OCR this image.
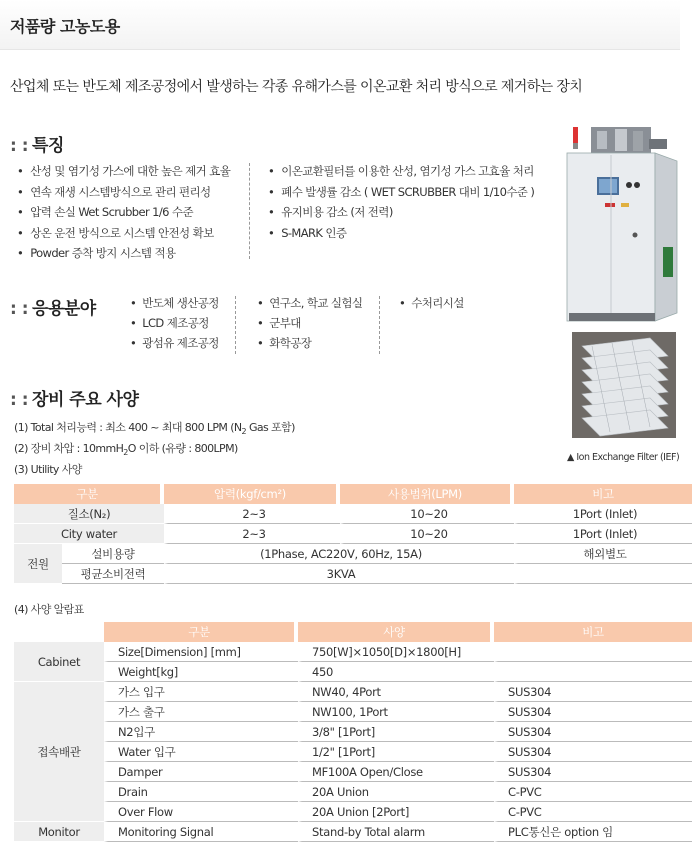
저품량 고농도용
산업체 또는 반도체 제조공정에서 발생하는 각종 유해가스를 이온교환 처리 방식으로 제거하는 장치
: : 특징
• 산성 및 염기성 가스에 대한 높은 제거 효율
• 연속 재생 시스템방식으로 관리 편리성
• 압력 손실 Wet Scrubber 1/6 수준
• 상온 운전 방식으로 시스템 안전성 확보
• Powder 증착 방지 시스템 적용
• 이온교환필터를 이용한 산성, 염기성 가스 고효율 처리
• 폐수 발생률 감소 ( WET SCRUBBER 대비 1/10수준 )
• 유지비용 감소 (저 전력)
• S-MARK 인증
: : 응용분야	• 반도체 생산공정
• LCD 제조공정
• 광섬유 제조공정
• 연구소, 학교 실험실
• 군부대
• 화학공장
• 수처리시설
: : 장비 주요 사양
(1) Total 처리능력 : 최소 400 ~ 최대 800 LPM ($N_2$ Gas 포함)
(2) 장비 차압 : 10mmH$_2$O 이하 (유량 : 800LPM)
(3) Utility 사양
▲ Ion Exchange Filter (IEF)
구분		압력(kgf/cm²)	사용범위(LPM)	비고
질소(N₂)		2~3	10~20	1Port (Inlet)
City water		2~3	10~20	1Port (Inlet)
전원	설비용량	(1Phase, AC220V, 60Hz, 15A)		해외별도
	평균소비전력	3KVA		
(4) 사양 알람표
	구분	사양	비고
Cabinet	Size[Dimension] [mm]	750[W]×1050[D]×1800[H]	
	Weight[kg]	450	
접속배관	가스 입구	NW40, 4Port	SUS304
	가스 출구	NW100, 1Port	SUS304
	N2입구	3/8" [1Port]	SUS304
	Water 입구	1/2" [1Port]	SUS304
	Damper	MF100A Open/Close	SUS304
	Drain	20A Union	C-PVC
	Over Flow	20A Union [2Port]	C-PVC
Monitor	Monitoring Signal	Stand-by Total alarm	PLC통신은 option 임
